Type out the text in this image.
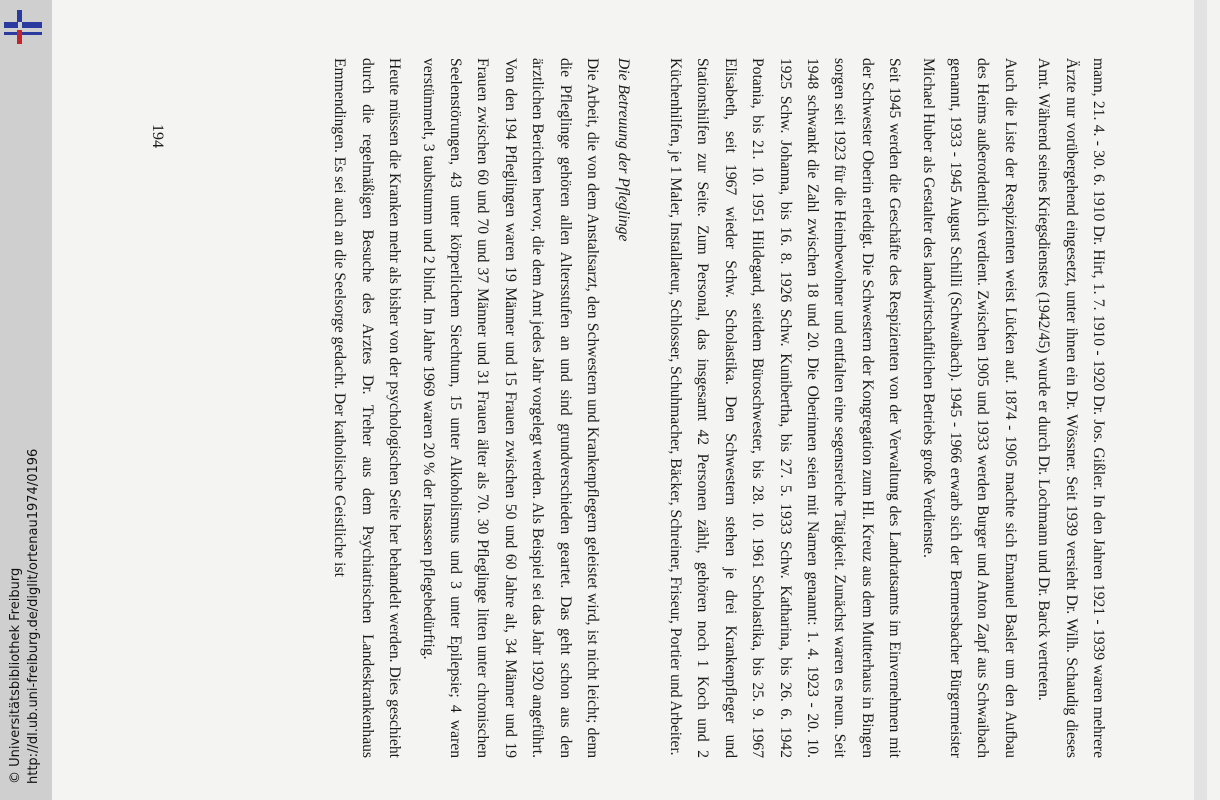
http://dl.ub.uni-freiburg.de/diglit/ortenau1974/0196
© Universitätsbibliothek Freiburg	mann, 21. 4. - 30. 6. 1910 Dr. Hirt, 1. 7. 1910 - 1920 Dr. Jos. Gißler. In den Jahren 1921 - 1939 waren mehrere Ärzte nur vorübergehend eingesetzt, unter ihnen ein Dr. Wössner. Seit 1939 versieht Dr. Wilh. Schaudig dieses Amt. Während seines Kriegsdienstes (1942/45) wurde er durch Dr. Lochmann und Dr. Barck vertreten.

Auch die Liste der Respizienten weist Lücken auf. 1874 - 1905 machte sich Emanuel Basler um den Aufbau des Heims außerordentlich verdient. Zwischen 1905 und 1933 werden Burger und Anton Zapf aus Schwaibach genannt, 1933 - 1945 August Schilli (Schwaibach). 1945 - 1966 erwarb sich der Bermersbacher Bürgermeister Michael Huber als Gestalter des landwirtschaftlichen Betriebs große Verdienste.

Seit 1945 werden die Geschäfte des Respizienten von der Verwaltung des Landratsamts im Einvernehmen mit der Schwester Oberin erledigt. Die Schwestern der Kongregation zum Hl. Kreuz aus dem Mutterhaus in Bingen sorgen seit 1923 für die Heimbewohner und entfalten eine segensreiche Tätigkeit. Zunächst waren es neun. Seit 1948 schwankt die Zahl zwischen 18 und 20. Die Oberinnen seien mit Namen genannt: 1. 4. 1923 - 20. 10. 1925 Schw. Johanna, bis 16. 8. 1926 Schw. Kunibertha, bis 27. 5. 1933 Schw. Katharina, bis 26. 6. 1942 Potania, bis 21. 10. 1951 Hildegard, seitdem Büroschwester, bis 28. 10. 1961 Scholastika, bis 25. 9. 1967 Elisabeth, seit 1967 wieder Schw. Scholastika. Den Schwestern stehen je drei Krankenpfleger und Stationshilfen zur Seite. Zum Personal, das insgesamt 42 Personen zählt, gehören noch 1 Koch und 2 Küchenhilfen, je 1 Maler, Installateur, Schlosser, Schuhmacher, Bäcker, Schreiner, Friseur, Portier und Arbeiter.

Die Betreuung der Pfleglinge

Die Arbeit, die von dem Anstaltsarzt, den Schwestern und Krankenpflegern geleistet wird, ist nicht leicht; denn die Pfleglinge gehören allen Altersstufen an und sind grundverschieden geartet. Das geht schon aus den ärztlichen Berichten hervor, die dem Amt jedes Jahr vorgelegt werden. Als Beispiel sei das Jahr 1920 angeführt. Von den 194 Pfleglingen waren 19 Männer und 15 Frauen zwischen 50 und 60 Jahre alt, 34 Männer und 19 Frauen zwischen 60 und 70 und 37 Männer und 31 Frauen älter als 70. 30 Pfleglinge litten unter chronischen Seelenstörungen, 43 unter körperlichem Siechtum, 15 unter Alkoholismus und 3 unter Epilepsie; 4 waren verstümmelt, 3 taubstumm und 2 blind. Im Jahre 1969 waren 20 % der Insassen pflegebedürftig.

Heute müssen die Kranken mehr als bisher von der psychologischen Seite her behandelt werden. Dies geschieht durch die regelmäßigen Besuche des Arztes Dr. Treher aus dem Psychiatrischen Landeskrankenhaus Emmendingen. Es sei auch an die Seelsorge gedacht. Der katholische Geistliche ist

194
